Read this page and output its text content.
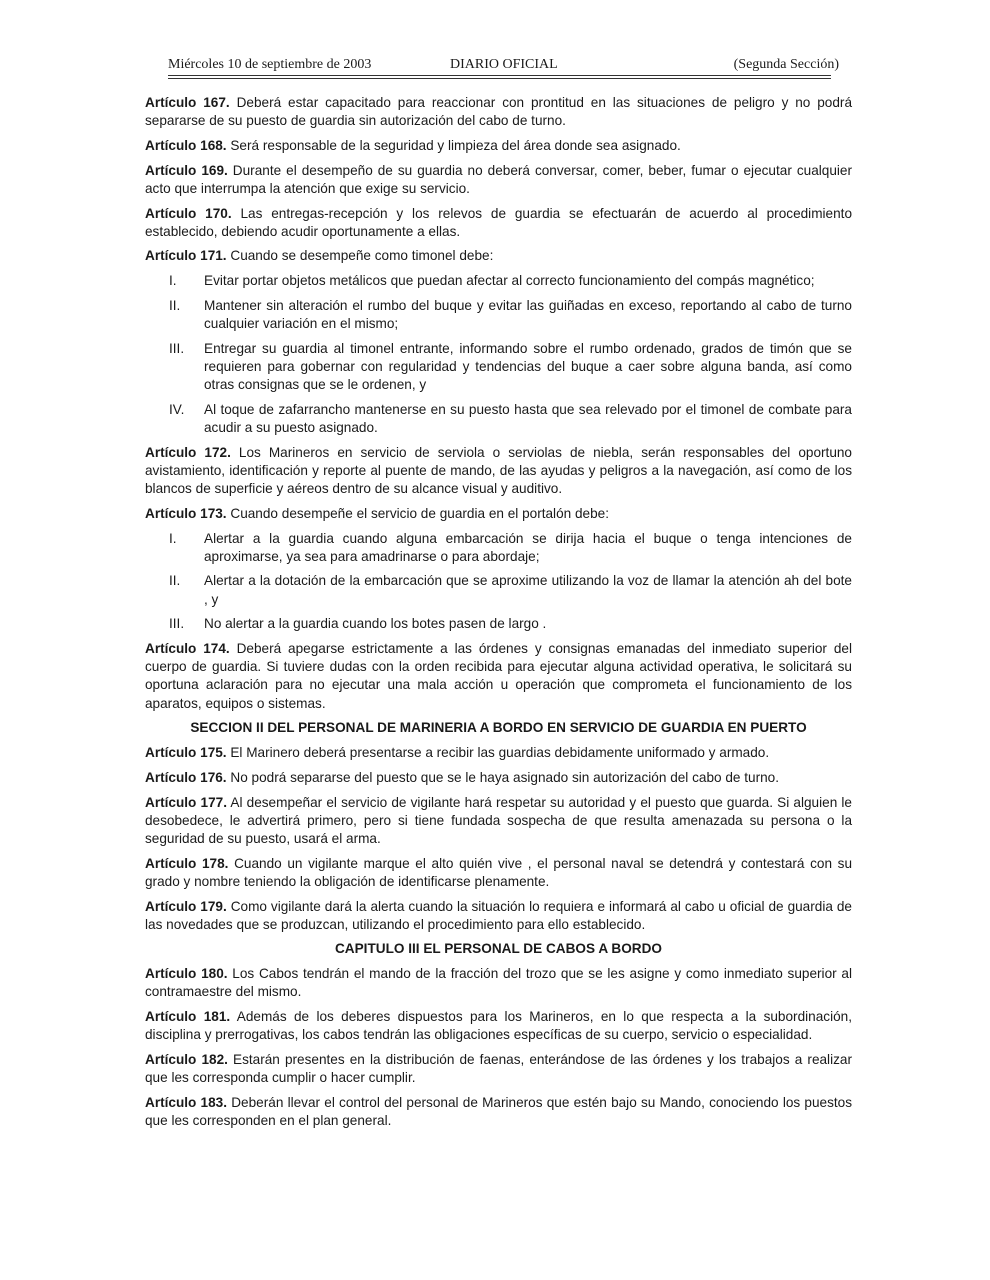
Miércoles 10 de septiembre de 2003	DIARIO OFICIAL	(Segunda Sección)

Artículo 167. Deberá estar capacitado para reaccionar con prontitud en las situaciones de peligro y no podrá separarse de su puesto de guardia sin autorización del cabo de turno.

Artículo 168. Será responsable de la seguridad y limpieza del área donde sea asignado.

Artículo 169. Durante el desempeño de su guardia no deberá conversar, comer, beber, fumar o ejecutar cualquier acto que interrumpa la atención que exige su servicio.

Artículo 170. Las entregas-recepción y los relevos de guardia se efectuarán de acuerdo al procedimiento establecido, debiendo acudir oportunamente a ellas.

Artículo 171. Cuando se desempeñe como timonel debe:

I.	Evitar portar objetos metálicos que puedan afectar al correcto funcionamiento del compás magnético;
II.	Mantener sin alteración el rumbo del buque y evitar las guiñadas en exceso, reportando al cabo de turno cualquier variación en el mismo;
III.	Entregar su guardia al timonel entrante, informando sobre el rumbo ordenado, grados de timón que se requieren para gobernar con regularidad y tendencias del buque a caer sobre alguna banda, así como otras consignas que se le ordenen, y
IV.	Al toque de zafarrancho mantenerse en su puesto hasta que sea relevado por el timonel de combate para acudir a su puesto asignado.

Artículo 172. Los Marineros en servicio de serviola o serviolas de niebla, serán responsables del oportuno avistamiento, identificación y reporte al puente de mando, de las ayudas y peligros a la navegación, así como de los blancos de superficie y aéreos dentro de su alcance visual y auditivo.

Artículo 173. Cuando desempeñe el servicio de guardia en el portalón debe:

I.	Alertar a la guardia cuando alguna embarcación se dirija hacia el buque o tenga intenciones de aproximarse, ya sea para amadrinarse o para abordaje;
II.	Alertar a la dotación de la embarcación que se aproxime utilizando la voz de llamar la atención ah del bote , y
III.	No alertar a la guardia cuando los botes pasen de largo .

Artículo 174. Deberá apegarse estrictamente a las órdenes y consignas emanadas del inmediato superior del cuerpo de guardia. Si tuviere dudas con la orden recibida para ejecutar alguna actividad operativa, le solicitará su oportuna aclaración para no ejecutar una mala acción u operación que comprometa el funcionamiento de los aparatos, equipos o sistemas.

SECCION II DEL PERSONAL DE MARINERIA A BORDO EN SERVICIO DE GUARDIA EN PUERTO

Artículo 175. El Marinero deberá presentarse a recibir las guardias debidamente uniformado y armado.

Artículo 176. No podrá separarse del puesto que se le haya asignado sin autorización del cabo de turno.

Artículo 177. Al desempeñar el servicio de vigilante hará respetar su autoridad y el puesto que guarda. Si alguien le desobedece, le advertirá primero, pero si tiene fundada sospecha de que resulta amenazada su persona o la seguridad de su puesto, usará el arma.

Artículo 178. Cuando un vigilante marque el alto quién vive , el personal naval se detendrá y contestará con su grado y nombre teniendo la obligación de identificarse plenamente.

Artículo 179. Como vigilante dará la alerta cuando la situación lo requiera e informará al cabo u oficial de guardia de las novedades que se produzcan, utilizando el procedimiento para ello establecido.

CAPITULO III EL PERSONAL DE CABOS A BORDO

Artículo 180. Los Cabos tendrán el mando de la fracción del trozo que se les asigne y como inmediato superior al contramaestre del mismo.

Artículo 181. Además de los deberes dispuestos para los Marineros, en lo que respecta a la subordinación, disciplina y prerrogativas, los cabos tendrán las obligaciones específicas de su cuerpo, servicio o especialidad.

Artículo 182. Estarán presentes en la distribución de faenas, enterándose de las órdenes y los trabajos a realizar que les corresponda cumplir o hacer cumplir.

Artículo 183. Deberán llevar el control del personal de Marineros que estén bajo su Mando, conociendo los puestos que les corresponden en el plan general.
